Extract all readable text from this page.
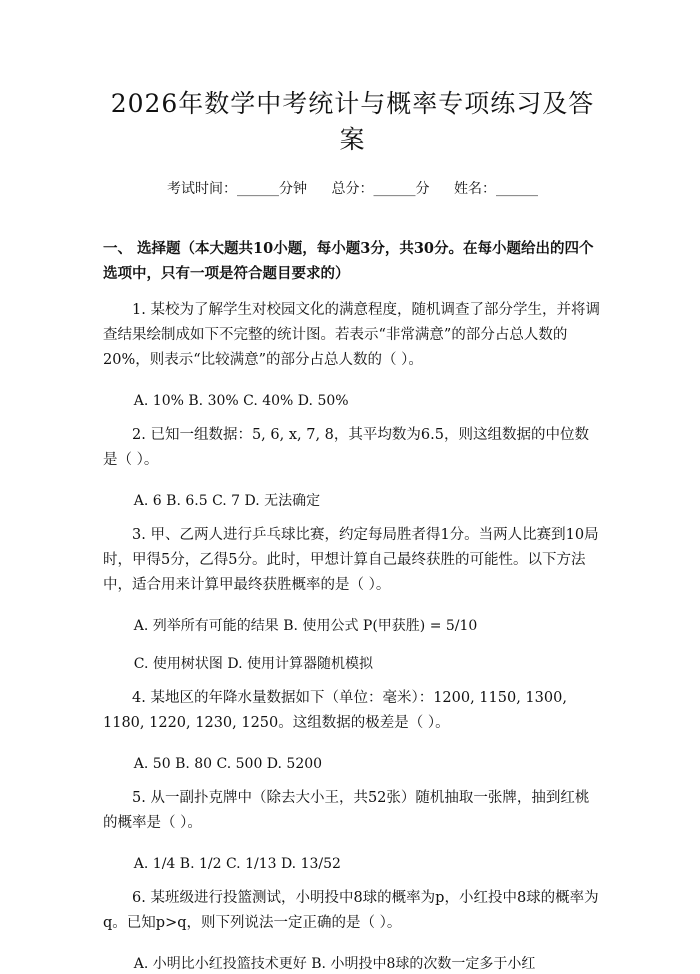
2026年数学中考统计与概率专项练习及答案
考试时间：______分钟 总分：______分 姓名：______
一、 选择题（本大题共10小题，每小题3分，共30分。在每小题给出的四个选项中，只有一项是符合题目要求的）

1. 某校为了解学生对校园文化的满意程度，随机调查了部分学生，并将调查结果绘制成如下不完整的统计图。若表示“非常满意”的部分占总人数的20%，则表示“比较满意”的部分占总人数的（ ）。

A. 10% B. 30% C. 40% D. 50%

2. 已知一组数据：5, 6, x, 7, 8，其平均数为6.5，则这组数据的中位数是（ ）。

A. 6 B. 6.5 C. 7 D. 无法确定

3. 甲、乙两人进行乒乓球比赛，约定每局胜者得1分。当两人比赛到10局时，甲得5分，乙得5分。此时，甲想计算自己最终获胜的可能性。以下方法中，适合用来计算甲最终获胜概率的是（ ）。

A. 列举所有可能的结果 B. 使用公式 P(甲获胜) = 5/10
C. 使用树状图 D. 使用计算器随机模拟

4. 某地区的年降水量数据如下（单位：毫米）：1200, 1150, 1300, 1180, 1220, 1230, 1250。这组数据的极差是（ ）。

A. 50 B. 80 C. 500 D. 5200

5. 从一副扑克牌中（除去大小王，共52张）随机抽取一张牌，抽到红桃的概率是（ ）。

A. 1/4 B. 1/2 C. 1/13 D. 13/52

6. 某班级进行投篮测试，小明投中8球的概率为p，小红投中8球的概率为q。已知p>q，则下列说法一定正确的是（ ）。

A. 小明比小红投篮技术更好 B. 小明投中8球的次数一定多于小红
